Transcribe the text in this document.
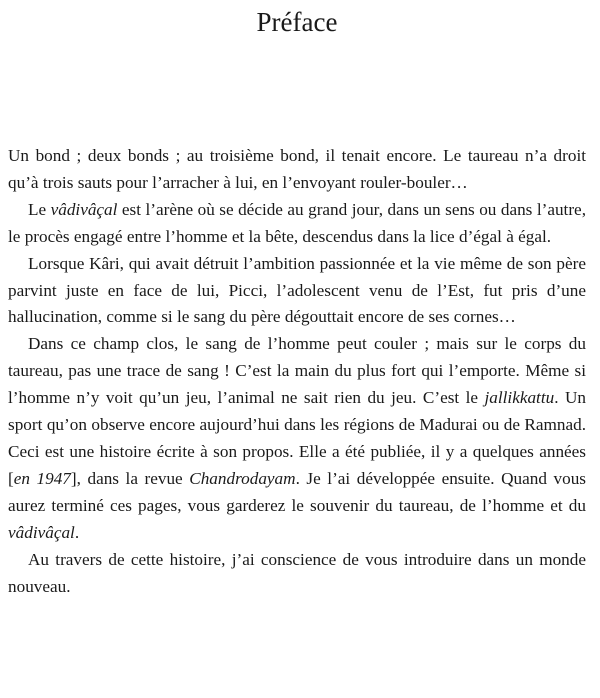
Préface

Un bond ; deux bonds ; au troisième bond, il tenait encore. Le taureau n’a droit qu’à trois sauts pour l’arracher à lui, en l’envoyant rouler-bouler…

Le vâdivâçal est l’arène où se décide au grand jour, dans un sens ou dans l’autre, le procès engagé entre l’homme et la bête, descendus dans la lice d’égal à égal.

Lorsque Kâri, qui avait détruit l’ambition passionnée et la vie même de son père parvint juste en face de lui, Picci, l’adolescent venu de l’Est, fut pris d’une hallucination, comme si le sang du père dégouttait encore de ses cornes…

Dans ce champ clos, le sang de l’homme peut couler ; mais sur le corps du taureau, pas une trace de sang ! C’est la main du plus fort qui l’emporte. Même si l’homme n’y voit qu’un jeu, l’animal ne sait rien du jeu. C’est le jallikkattu. Un sport qu’on observe encore aujourd’hui dans les régions de Madurai ou de Ramnad. Ceci est une histoire écrite à son propos. Elle a été publiée, il y a quelques années [en 1947], dans la revue Chandrodayam. Je l’ai développée ensuite. Quand vous aurez terminé ces pages, vous garderez le souvenir du taureau, de l’homme et du vâdivâçal.

Au travers de cette histoire, j’ai conscience de vous introduire dans un monde nouveau.
